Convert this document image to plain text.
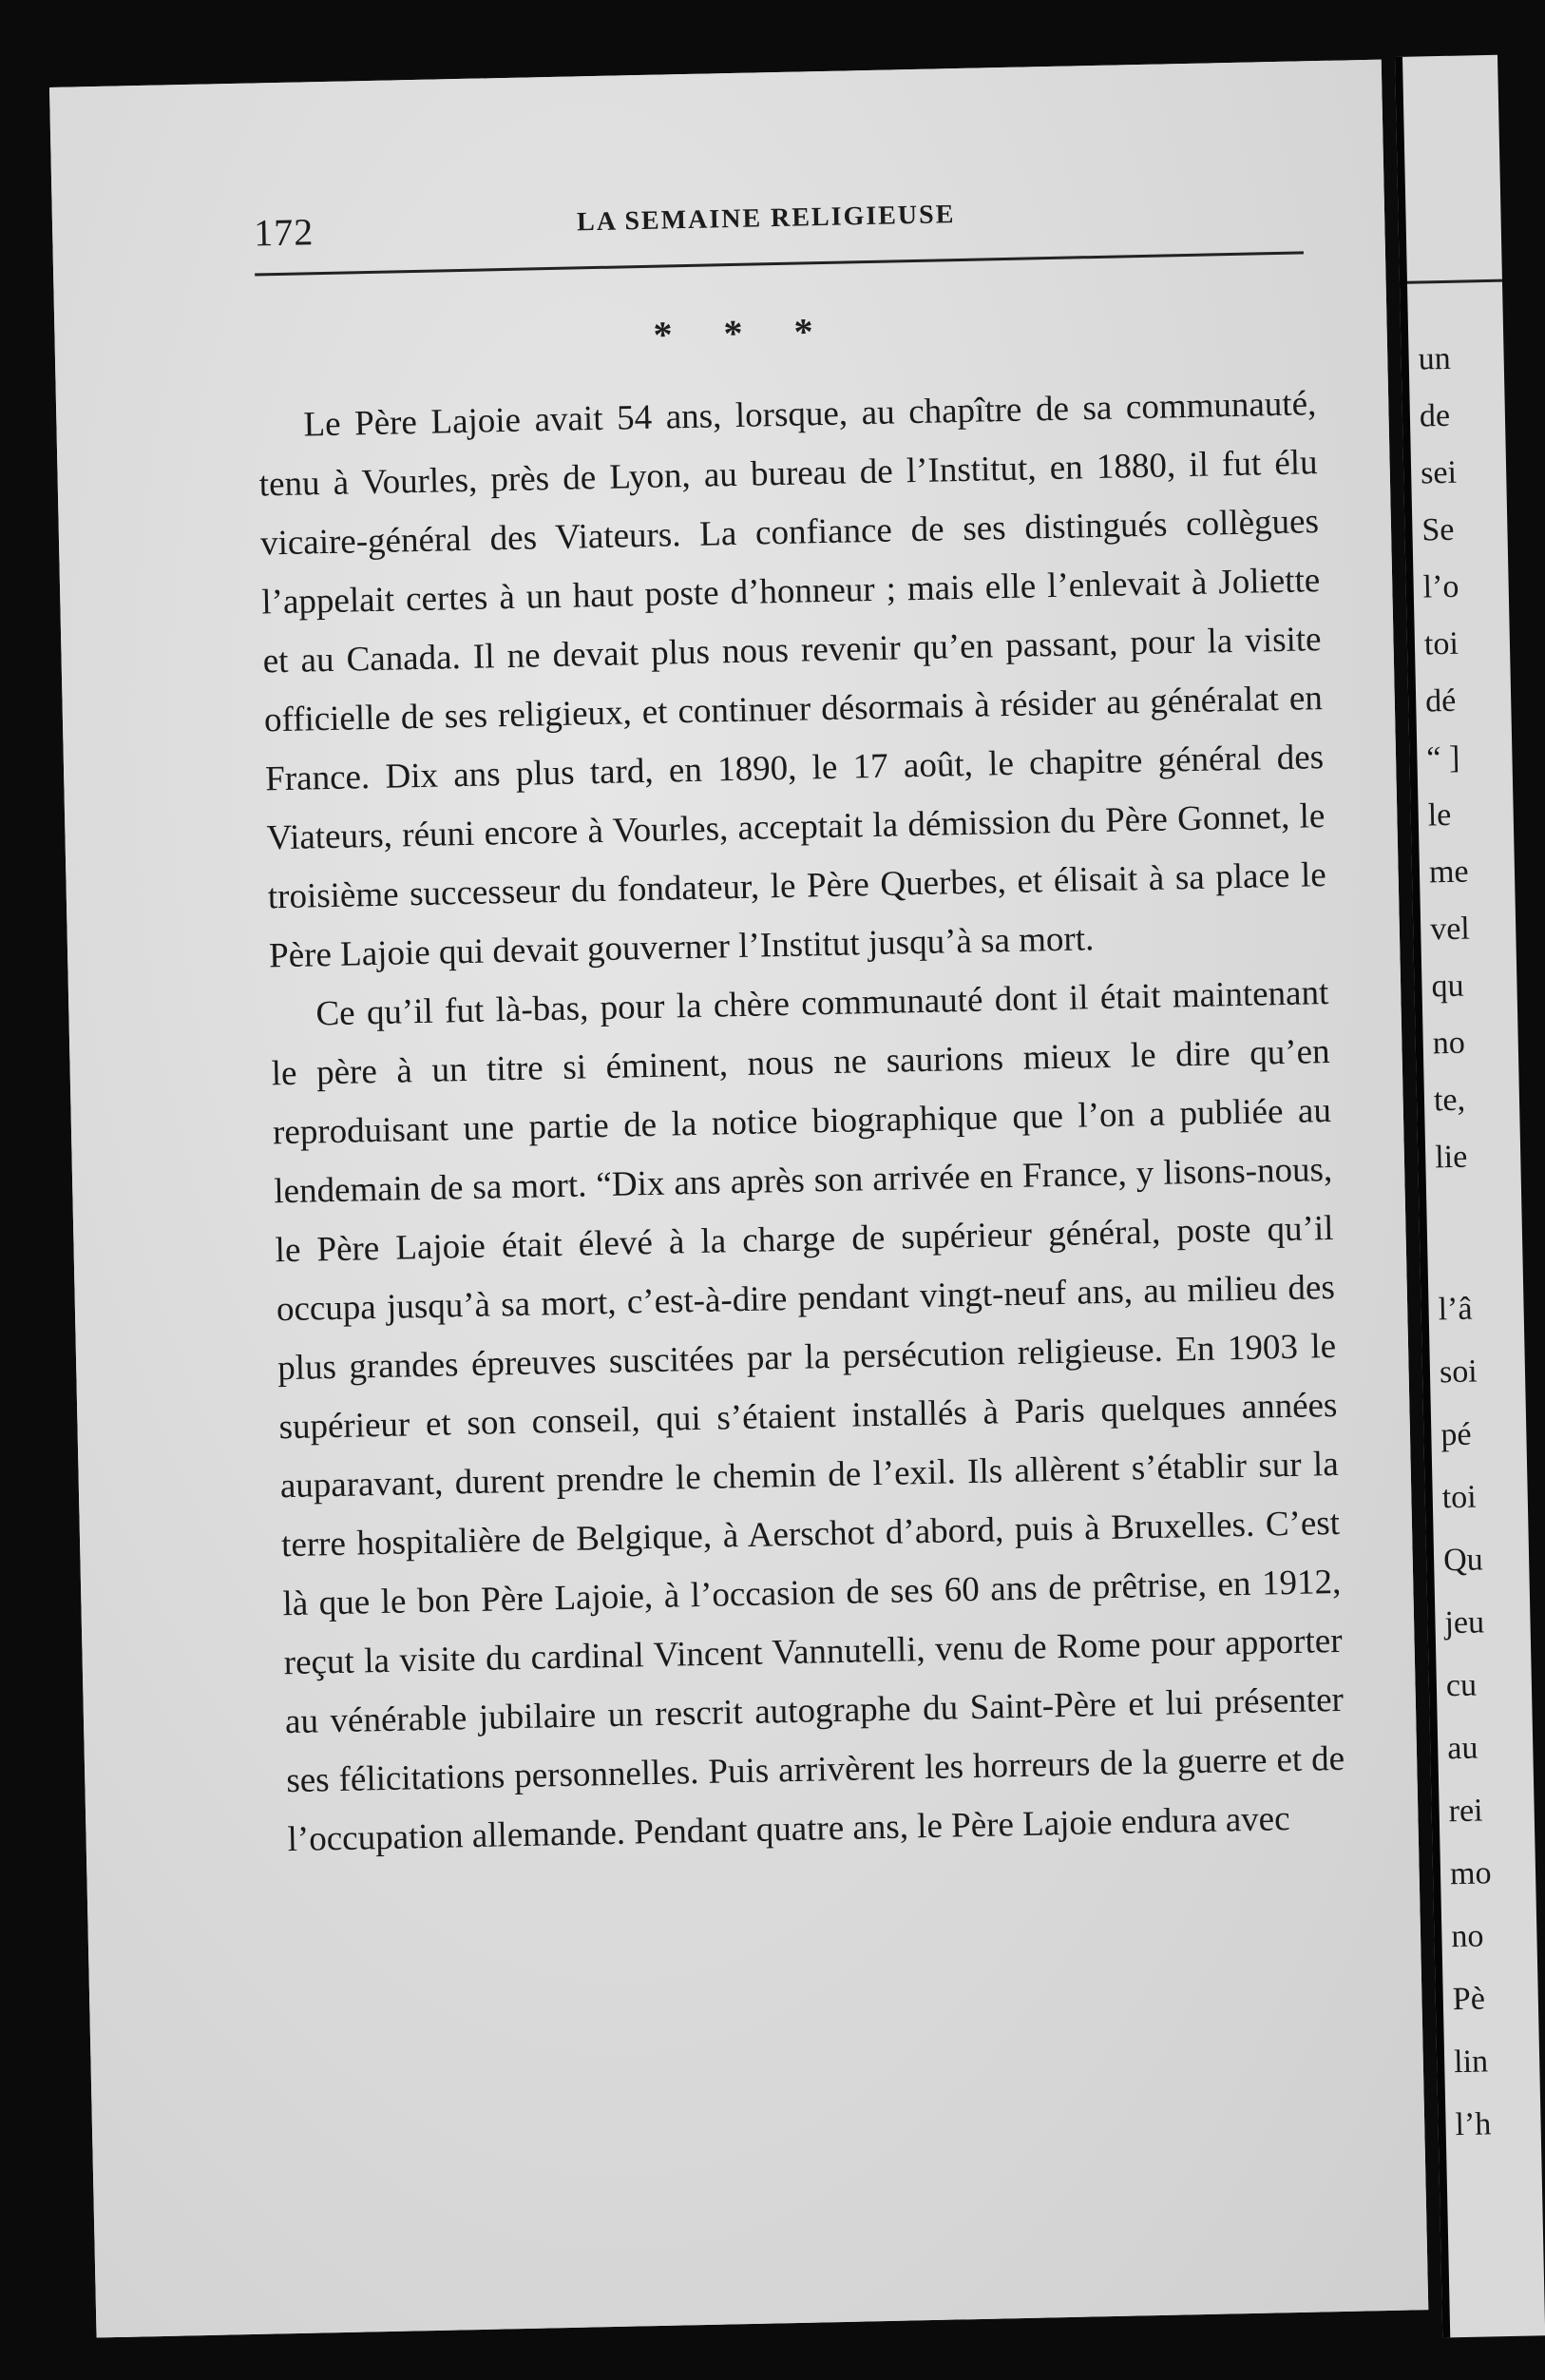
172	LA SEMAINE RELIGIEUSE
* * *

Le Père Lajoie avait 54 ans, lorsque, au chapître de sa communauté, tenu à Vourles, près de Lyon, au bureau de l’Institut, en 1880, il fut élu vicaire-général des Viateurs. La confiance de ses distingués collègues l’appelait certes à un haut poste d’honneur ; mais elle l’enlevait à Joliette et au Canada. Il ne devait plus nous revenir qu’en passant, pour la visite officielle de ses religieux, et continuer désormais à résider au généralat en France. Dix ans plus tard, en 1890, le 17 août, le chapitre général des Viateurs, réuni encore à Vourles, acceptait la démission du Père Gonnet, le troisième successeur du fondateur, le Père Querbes, et élisait à sa place le Père Lajoie qui devait gouverner l’Institut jusqu’à sa mort.

Ce qu’il fut là-bas, pour la chère communauté dont il était maintenant le père à un titre si éminent, nous ne saurions mieux le dire qu’en reproduisant une partie de la notice biographique que l’on a publiée au lendemain de sa mort. “Dix ans après son arrivée en France, y lisons-nous, le Père Lajoie était élevé à la charge de supérieur général, poste qu’il occupa jusqu’à sa mort, c’est-à-dire pendant vingt-neuf ans, au milieu des plus grandes épreuves suscitées par la persécution religieuse. En 1903 le supérieur et son conseil, qui s’étaient installés à Paris quelques années auparavant, durent prendre le chemin de l’exil. Ils allèrent s’établir sur la terre hospitalière de Belgique, à Aerschot d’abord, puis à Bruxelles. C’est là que le bon Père Lajoie, à l’occasion de ses 60 ans de prêtrise, en 1912, reçut la visite du cardinal Vincent Vannutelli, venu de Rome pour apporter au vénérable jubilaire un rescrit autographe du Saint-Père et lui présenter ses félicitations personnelles. Puis arrivèrent les horreurs de la guerre et de l’occupation allemande. Pendant quatre ans, le Père Lajoie endura avec

un
de
sei
Se
l’o
toi
dé
“ ]
le
me
vel
qu
no
te,
lie
l’â
soi
pé
toi
Qu
jeu
cu
au
rei
mo
no
Pè
lin
l’h
